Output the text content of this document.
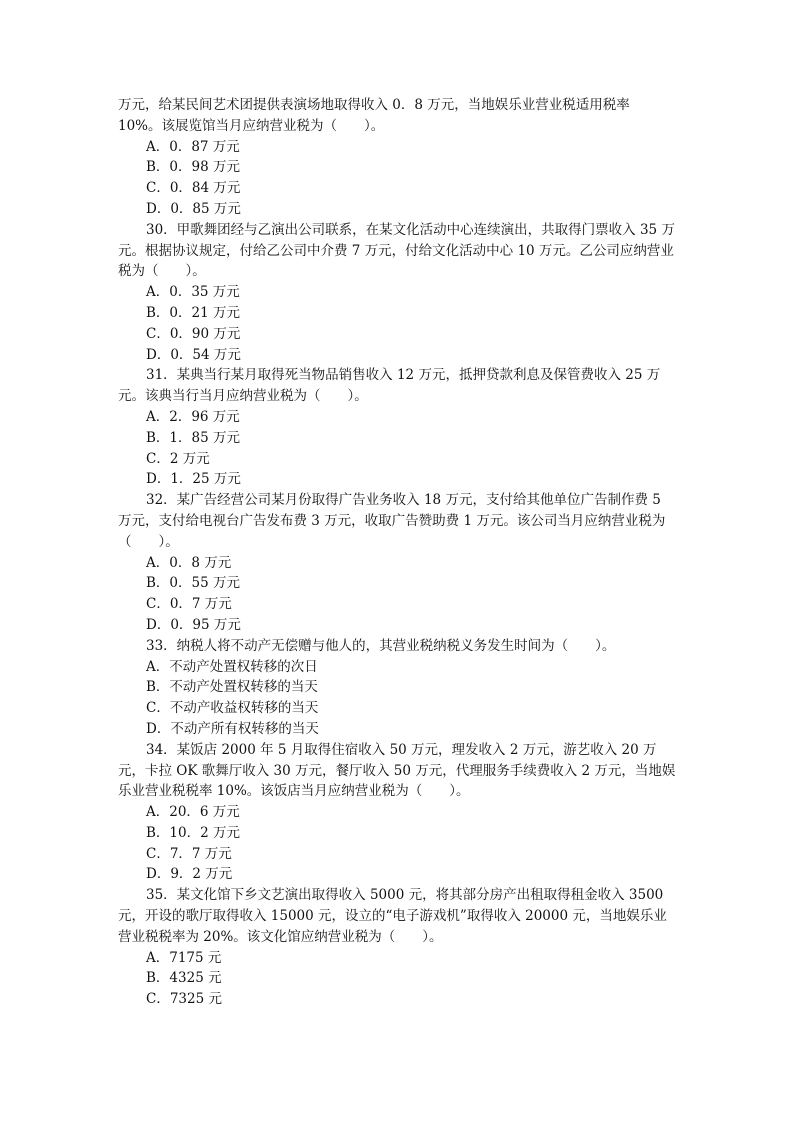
万元，给某民间艺术团提供表演场地取得收入 0．8 万元，当地娱乐业营业税适用税率

10%。该展览馆当月应纳营业税为（　　）。

A．0．87 万元

B．0．98 万元

C．0．84 万元

D．0．85 万元

30．甲歌舞团经与乙演出公司联系，在某文化活动中心连续演出，共取得门票收入 35 万元。根据协议规定，付给乙公司中介费 7 万元，付给文化活动中心 10 万元。乙公司应纳营业税为（　　）。

A．0．35 万元

B．0．21 万元

C．0．90 万元

D．0．54 万元

31．某典当行某月取得死当物品销售收入 12 万元，抵押贷款利息及保管费收入 25 万元。该典当行当月应纳营业税为（　　）。

A．2．96 万元

B．1．85 万元

C．2 万元

D．1．25 万元

32．某广告经营公司某月份取得广告业务收入 18 万元，支付给其他单位广告制作费 5 万元，支付给电视台广告发布费 3 万元，收取广告赞助费 1 万元。该公司当月应纳营业税为（　　）。

A．0．8 万元

B．0．55 万元

C．0．7 万元

D．0．95 万元

33．纳税人将不动产无偿赠与他人的，其营业税纳税义务发生时间为（　　）。

A．不动产处置权转移的次日

B．不动产处置权转移的当天

C．不动产收益权转移的当天

D．不动产所有权转移的当天

34．某饭店 2000 年 5 月取得住宿收入 50 万元，理发收入 2 万元，游艺收入 20 万元，卡拉 OK 歌舞厅收入 30 万元，餐厅收入 50 万元，代理服务手续费收入 2 万元，当地娱乐业营业税税率 10%。该饭店当月应纳营业税为（　　）。

A．20．6 万元

B．10．2 万元

C．7．7 万元

D．9．2 万元

35．某文化馆下乡文艺演出取得收入 5000 元，将其部分房产出租取得租金收入 3500 元，开设的歌厅取得收入 15000 元，设立的“电子游戏机”取得收入 20000 元，当地娱乐业营业税税率为 20%。该文化馆应纳营业税为（　　）。

A．7175 元

B．4325 元

C．7325 元
